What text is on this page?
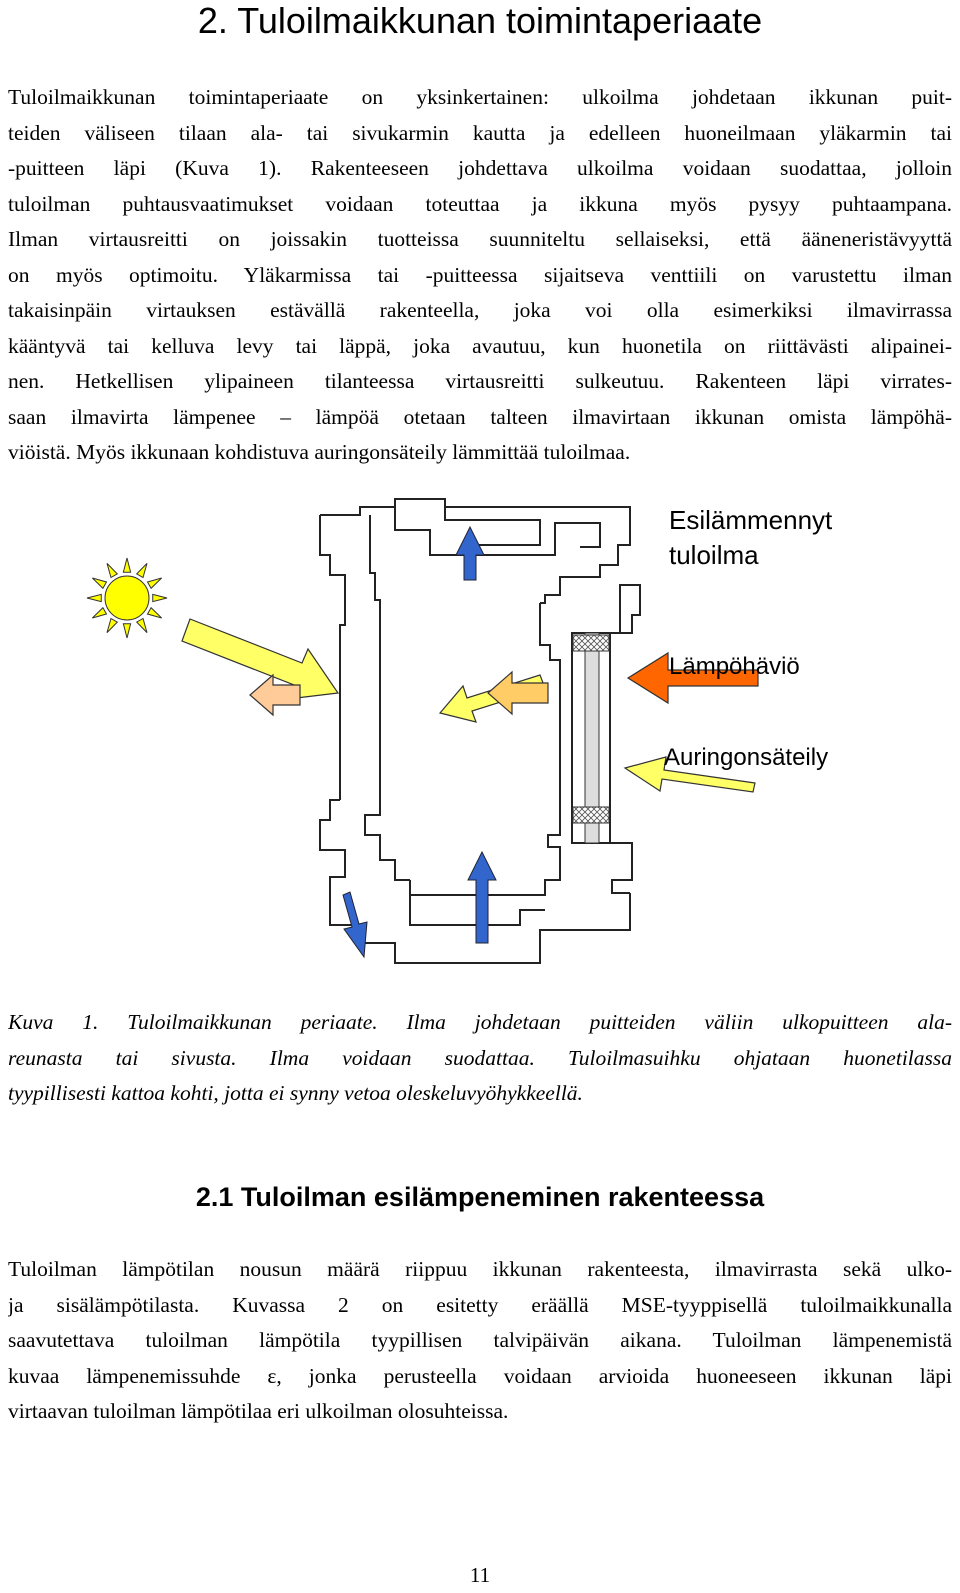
2. Tuloilmaikkunan toimintaperiaate
Tuloilmaikkunan toimintaperiaate on yksinkertainen: ulkoilma johdetaan ikkunan puit-
teiden väliseen tilaan ala- tai sivukarmin kautta ja edelleen huoneilmaan yläkarmin tai
-puitteen läpi (Kuva 1). Rakenteeseen johdettava ulkoilma voidaan suodattaa, jolloin
tuloilman puhtausvaatimukset voidaan toteuttaa ja ikkuna myös pysyy puhtaampana.
Ilman virtausreitti on joissakin tuotteissa suunniteltu sellaiseksi, että ääneneristävyyttä
on myös optimoitu. Yläkarmissa tai -puitteessa sijaitseva venttiili on varustettu ilman
takaisinpäin virtauksen estävällä rakenteella, joka voi olla esimerkiksi ilmavirrassa
kääntyvä tai kelluva levy tai läppä, joka avautuu, kun huonetila on riittävästi alipainei-
nen. Hetkellisen ylipaineen tilanteessa virtausreitti sulkeutuu. Rakenteen läpi virrates-
saan ilmavirta lämpenee – lämpöä otetaan talteen ilmavirtaan ikkunan omista lämpöhä-
viöistä. Myös ikkunaan kohdistuva auringonsäteily lämmittää tuloilmaa.
Esilämmennyt
tuloilma
Lämpöhäviö
Auringonsäteily
Kuva 1. Tuloilmaikkunan periaate. Ilma johdetaan puitteiden väliin ulkopuitteen ala-
reunasta tai sivusta. Ilma voidaan suodattaa. Tuloilmasuihku ohjataan huonetilassa
tyypillisesti kattoa kohti, jotta ei synny vetoa oleskeluvyöhykkeellä.
2.1 Tuloilman esilämpeneminen rakenteessa
Tuloilman lämpötilan nousun määrä riippuu ikkunan rakenteesta, ilmavirrasta sekä ulko-
ja sisälämpötilasta. Kuvassa 2 on esitetty eräällä MSE-tyyppisellä tuloilmaikkunalla
saavutettava tuloilman lämpötila tyypillisen talvipäivän aikana. Tuloilman lämpenemistä
kuvaa lämpenemissuhde ε, jonka perusteella voidaan arvioida huoneeseen ikkunan läpi
virtaavan tuloilman lämpötilaa eri ulkoilman olosuhteissa.
11
